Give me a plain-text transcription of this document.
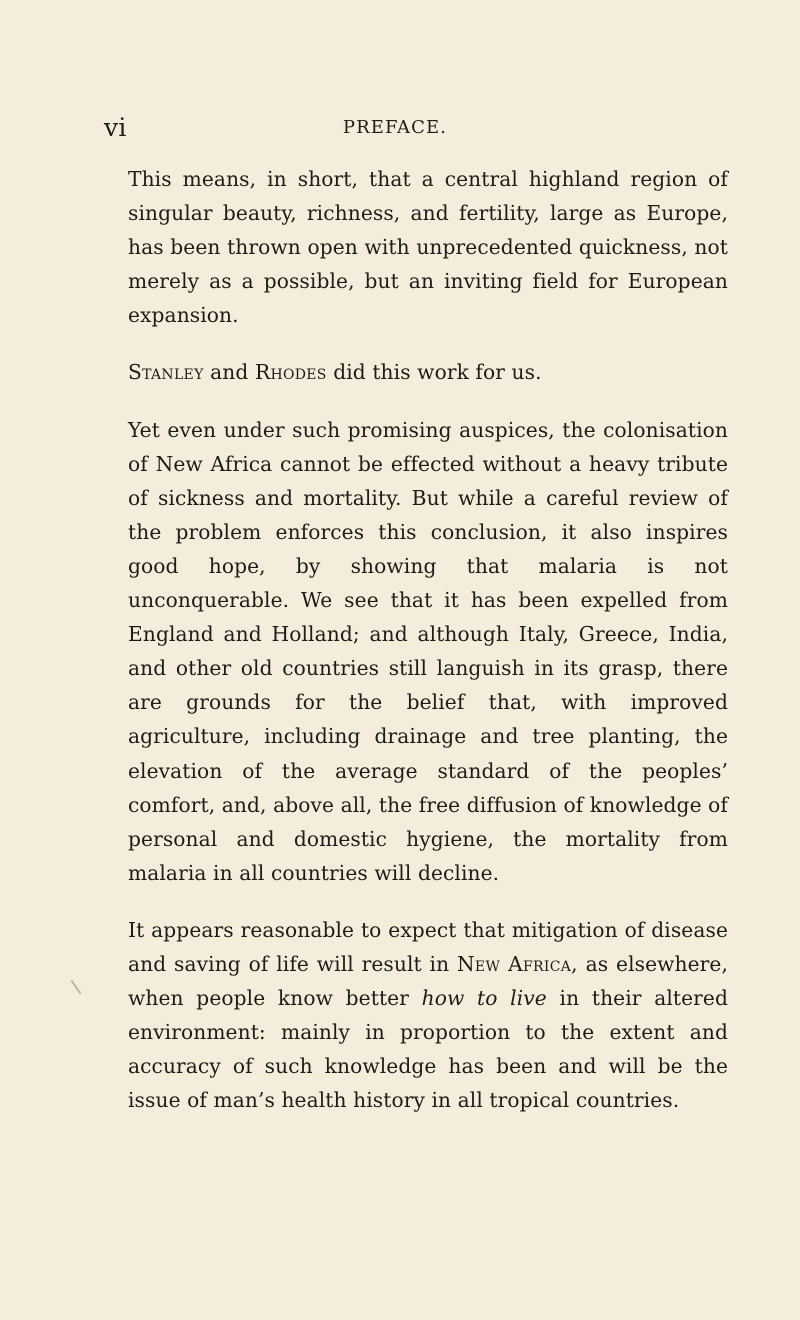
vi	PREFACE.

This means, in short, that a central highland region of singular beauty, richness, and fertility, large as Europe, has been thrown open with unprecedented quickness, not merely as a possible, but an inviting field for European expansion.

Stanley and Rhodes did this work for us.

Yet even under such promising auspices, the colonisation of New Africa cannot be effected without a heavy tribute of sickness and mortality. But while a careful review of the problem enforces this conclusion, it also inspires good hope, by showing that malaria is not unconquerable. We see that it has been expelled from England and Holland; and although Italy, Greece, India, and other old countries still languish in its grasp, there are grounds for the belief that, with improved agriculture, including drainage and tree planting, the elevation of the average standard of the peoples’ comfort, and, above all, the free diffusion of knowledge of personal and domestic hygiene, the mortality from malaria in all countries will decline.

It appears reasonable to expect that mitigation of disease and saving of life will result in New Africa, as elsewhere, when people know better how to live in their altered environment: mainly in proportion to the extent and accuracy of such knowledge has been and will be the issue of man’s health history in all tropical countries.
